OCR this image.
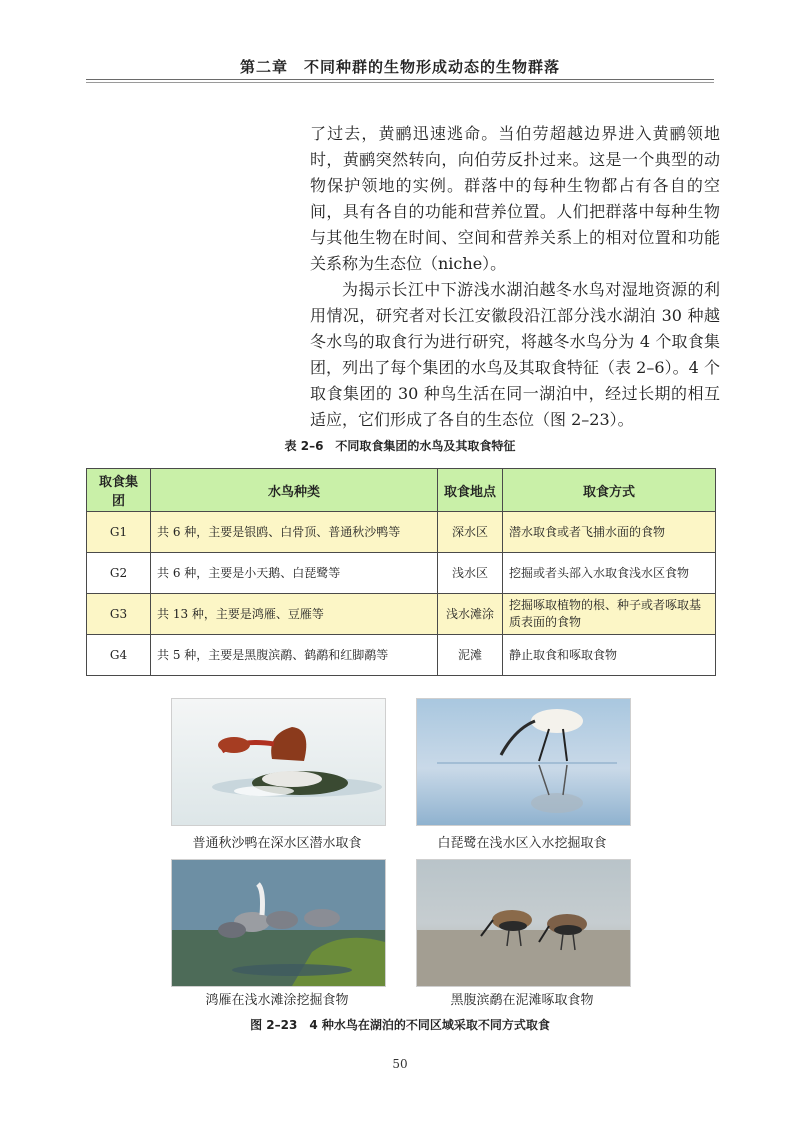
第二章　不同种群的生物形成动态的生物群落

了过去，黄鹂迅速逃命。当伯劳超越边界进入黄鹂领地时，黄鹂突然转向，向伯劳反扑过来。这是一个典型的动物保护领地的实例。群落中的每种生物都占有各自的空间，具有各自的功能和营养位置。人们把群落中每种生物与其他生物在时间、空间和营养关系上的相对位置和功能关系称为生态位（niche）。

为揭示长江中下游浅水湖泊越冬水鸟对湿地资源的利用情况，研究者对长江安徽段沿江部分浅水湖泊 30 种越冬水鸟的取食行为进行研究，将越冬水鸟分为 4 个取食集团，列出了每个集团的水鸟及其取食特征（表 2–6）。4 个取食集团的 30 种鸟生活在同一湖泊中，经过长期的相互适应，它们形成了各自的生态位（图 2–23）。

表 2–6　不同取食集团的水鸟及其取食特征
取食集团	水鸟种类	取食地点	取食方式
G1	共 6 种，主要是银鸥、白骨顶、普通秋沙鸭等	深水区	潜水取食或者飞捕水面的食物
G2	共 6 种，主要是小天鹅、白琵鹭等	浅水区	挖掘或者头部入水取食浅水区食物
G3	共 13 种，主要是鸿雁、豆雁等	浅水滩涂	挖掘啄取植物的根、种子或者啄取基质表面的食物
G4	共 5 种，主要是黑腹滨鹬、鹤鹬和红脚鹬等	泥滩	静止取食和啄取食物
普通秋沙鸭在深水区潜水取食	白琵鹭在浅水区入水挖掘取食
鸿雁在浅水滩涂挖掘食物	黑腹滨鹬在泥滩啄取食物
图 2–23　4 种水鸟在湖泊的不同区域采取不同方式取食
50
